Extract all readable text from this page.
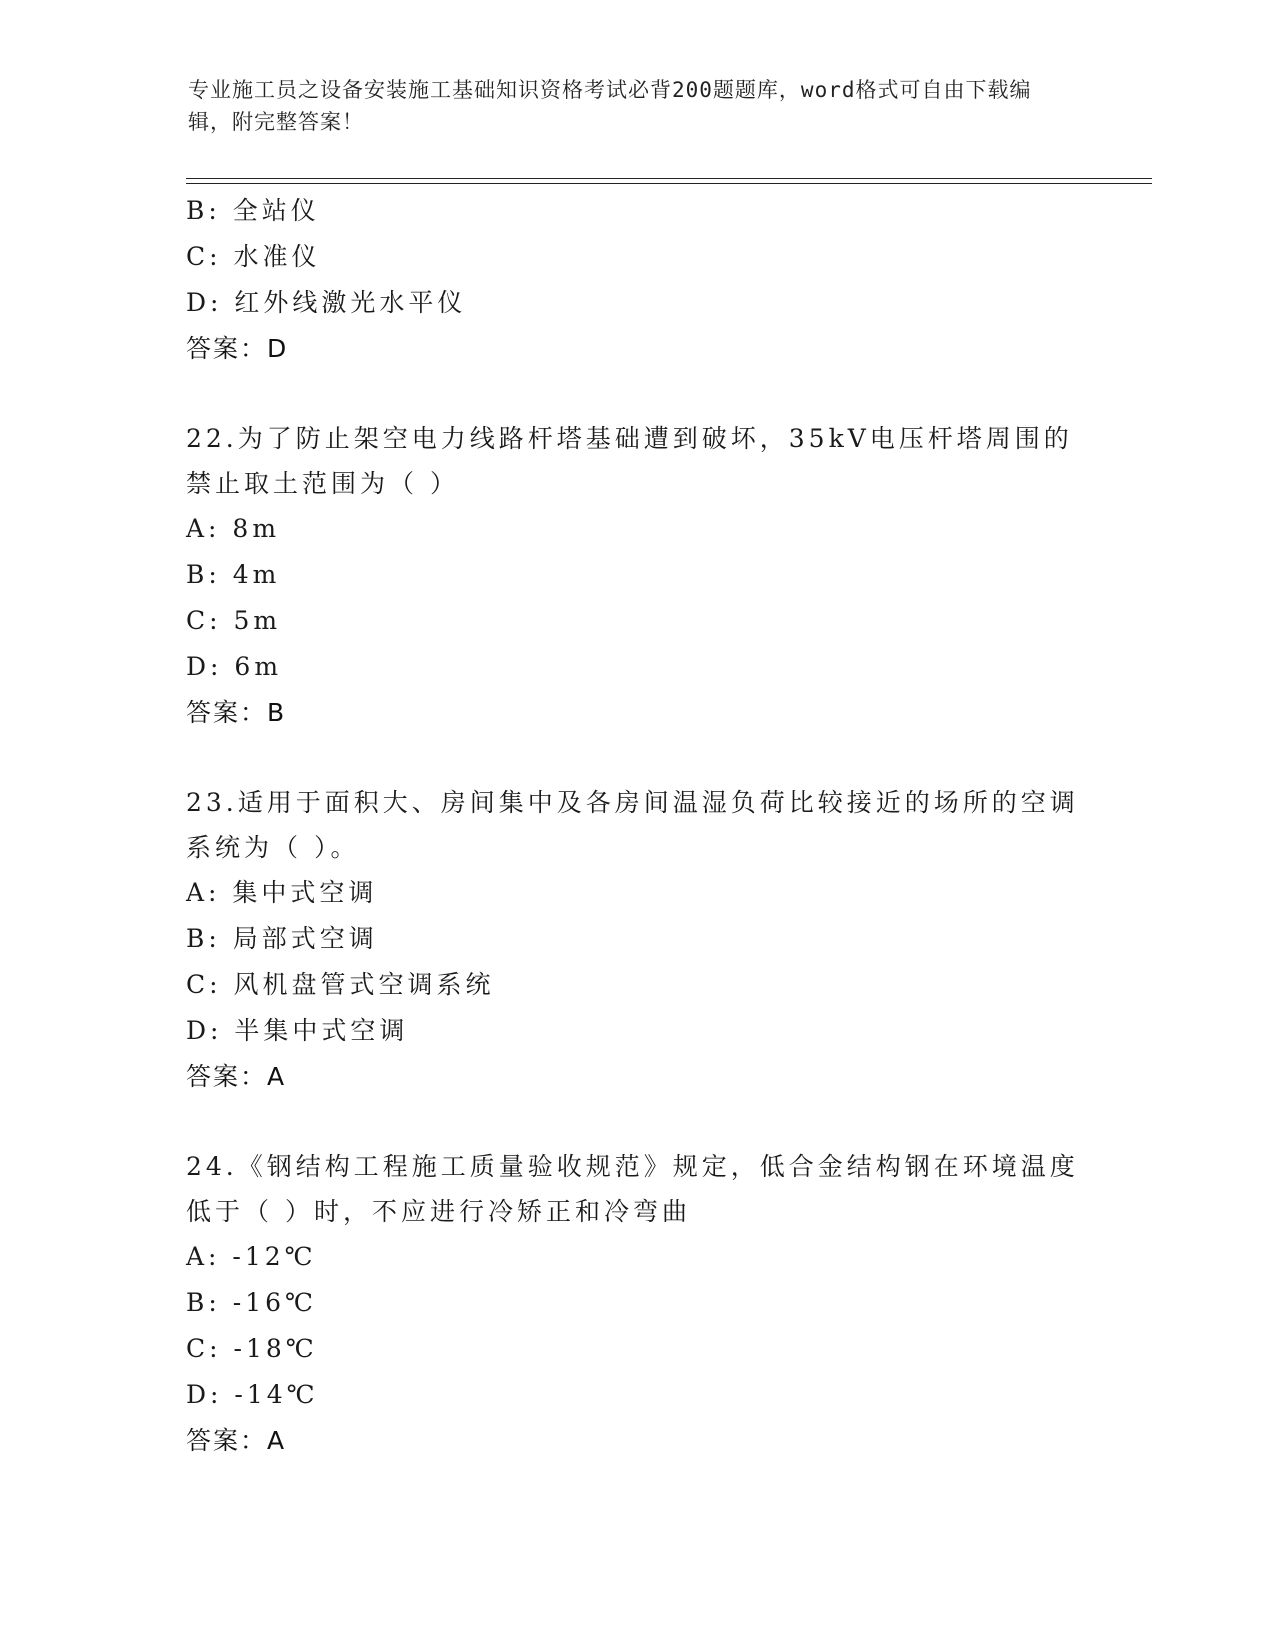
专业施工员之设备安装施工基础知识资格考试必背200题题库，word格式可自由下载编辑，附完整答案！
B: 全站仪
C: 水准仪
D: 红外线激光水平仪
答案：D
22.为了防止架空电力线路杆塔基础遭到破坏，35kV电压杆塔周围的禁止取土范围为（ ）
A: 8m
B: 4m
C: 5m
D: 6m
答案：B
23.适用于面积大、房间集中及各房间温湿负荷比较接近的场所的空调系统为（ ）。
A: 集中式空调
B: 局部式空调
C: 风机盘管式空调系统
D: 半集中式空调
答案：A
24.《钢结构工程施工质量验收规范》规定，低合金结构钢在环境温度低于（ ）时，不应进行冷矫正和冷弯曲
A: -12℃
B: -16℃
C: -18℃
D: -14℃
答案：A
